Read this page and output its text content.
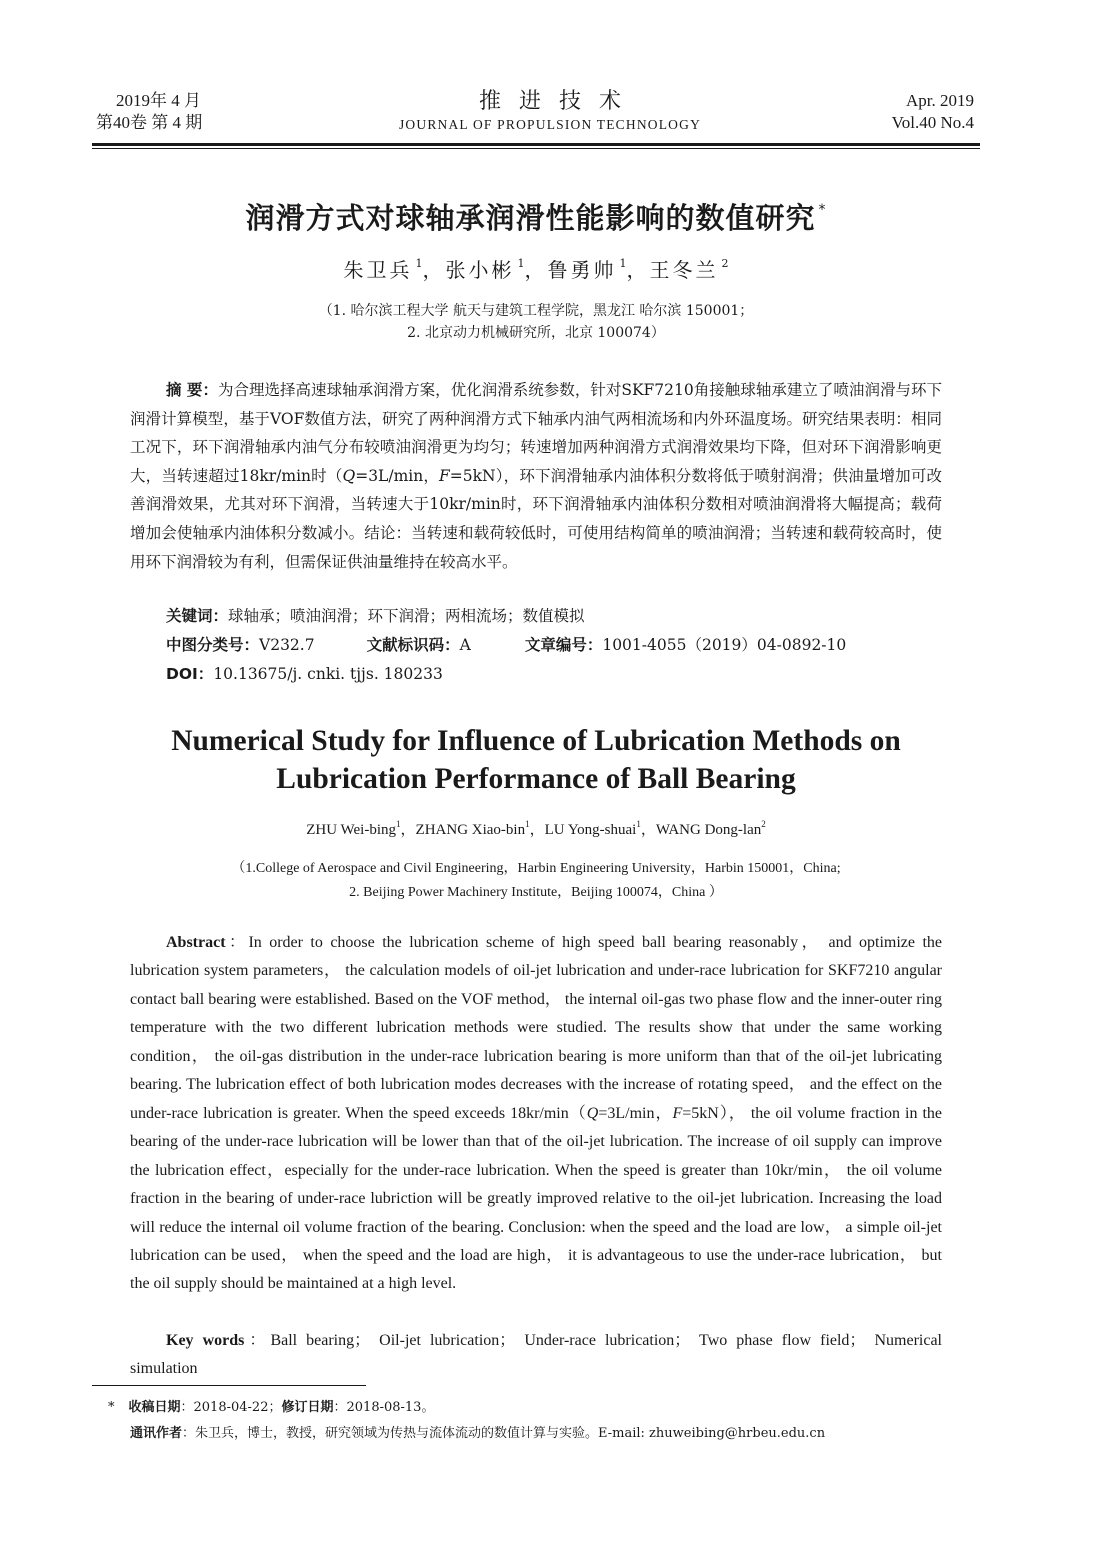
2019年 4 月
第40卷 第 4 期
推进技术
JOURNAL OF PROPULSION TECHNOLOGY
Apr. 2019
Vol.40 No.4
润滑方式对球轴承润滑性能影响的数值研究 *
朱卫兵 $^1$，张小彬 $^1$，鲁勇帅 $^1$，王冬兰 $^2$
（1. 哈尔滨工程大学 航天与建筑工程学院，黑龙江 哈尔滨 150001；
2. 北京动力机械研究所，北京 100074）
摘 要：为合理选择高速球轴承润滑方案，优化润滑系统参数，针对SKF7210角接触球轴承建立了喷油润滑与环下润滑计算模型，基于VOF数值方法，研究了两种润滑方式下轴承内油气两相流场和内外环温度场。研究结果表明：相同工况下，环下润滑轴承内油气分布较喷油润滑更为均匀；转速增加两种润滑方式润滑效果均下降，但对环下润滑影响更大，当转速超过18kr/min时（Q=3L/min，F=5kN），环下润滑轴承内油体积分数将低于喷射润滑；供油量增加可改善润滑效果，尤其对环下润滑，当转速大于10kr/min时，环下润滑轴承内油体积分数相对喷油润滑将大幅提高；载荷增加会使轴承内油体积分数减小。结论：当转速和载荷较低时，可使用结构简单的喷油润滑；当转速和载荷较高时，使用环下润滑较为有利，但需保证供油量维持在较高水平。
关键词：球轴承；喷油润滑；环下润滑；两相流场；数值模拟
中图分类号：V232.7	文献标识码：A	文章编号：1001-4055（2019）04-0892-10
DOI：10.13675/j. cnki. tjjs. 180233
Numerical Study for Influence of Lubrication Methods on
Lubrication Performance of Ball Bearing
ZHU Wei-bing$^1$，ZHANG Xiao-bin$^1$，LU Yong-shuai$^1$，WANG Dong-lan$^2$
（1.College of Aerospace and Civil Engineering，Harbin Engineering University，Harbin 150001，China;
2. Beijing Power Machinery Institute，Beijing 100074，China ）
Abstract：In order to choose the lubrication scheme of high speed ball bearing reasonably， and optimize the lubrication system parameters， the calculation models of oil-jet lubrication and under-race lubrication for SKF7210 angular contact ball bearing were established. Based on the VOF method， the internal oil-gas two phase flow and the inner-outer ring temperature with the two different lubrication methods were studied. The results show that under the same working condition， the oil-gas distribution in the under-race lubrication bearing is more uniform than that of the oil-jet lubricating bearing. The lubrication effect of both lubrication modes decreases with the increase of rotating speed， and the effect on the under-race lubrication is greater. When the speed exceeds 18kr/min（Q=3L/min，F=5kN）， the oil volume fraction in the bearing of the under-race lubrication will be lower than that of the oil-jet lubrication. The increase of oil supply can improve the lubrication effect，especially for the under-race lubrication. When the speed is greater than 10kr/min， the oil volume fraction in the bearing of under-race lubriction will be greatly improved relative to the oil-jet lubrication. Increasing the load will reduce the internal oil volume fraction of the bearing. Conclusion: when the speed and the load are low， a simple oil-jet lubrication can be used， when the speed and the load are high， it is advantageous to use the under-race lubrication， but the oil supply should be maintained at a high level.
Key words：Ball bearing； Oil-jet lubrication； Under-race lubrication； Two phase flow field； Numerical simulation
* 收稿日期：2018-04-22；修订日期：2018-08-13。
通讯作者：朱卫兵，博士，教授，研究领域为传热与流体流动的数值计算与实验。E-mail: zhuweibing@hrbeu.edu.cn
